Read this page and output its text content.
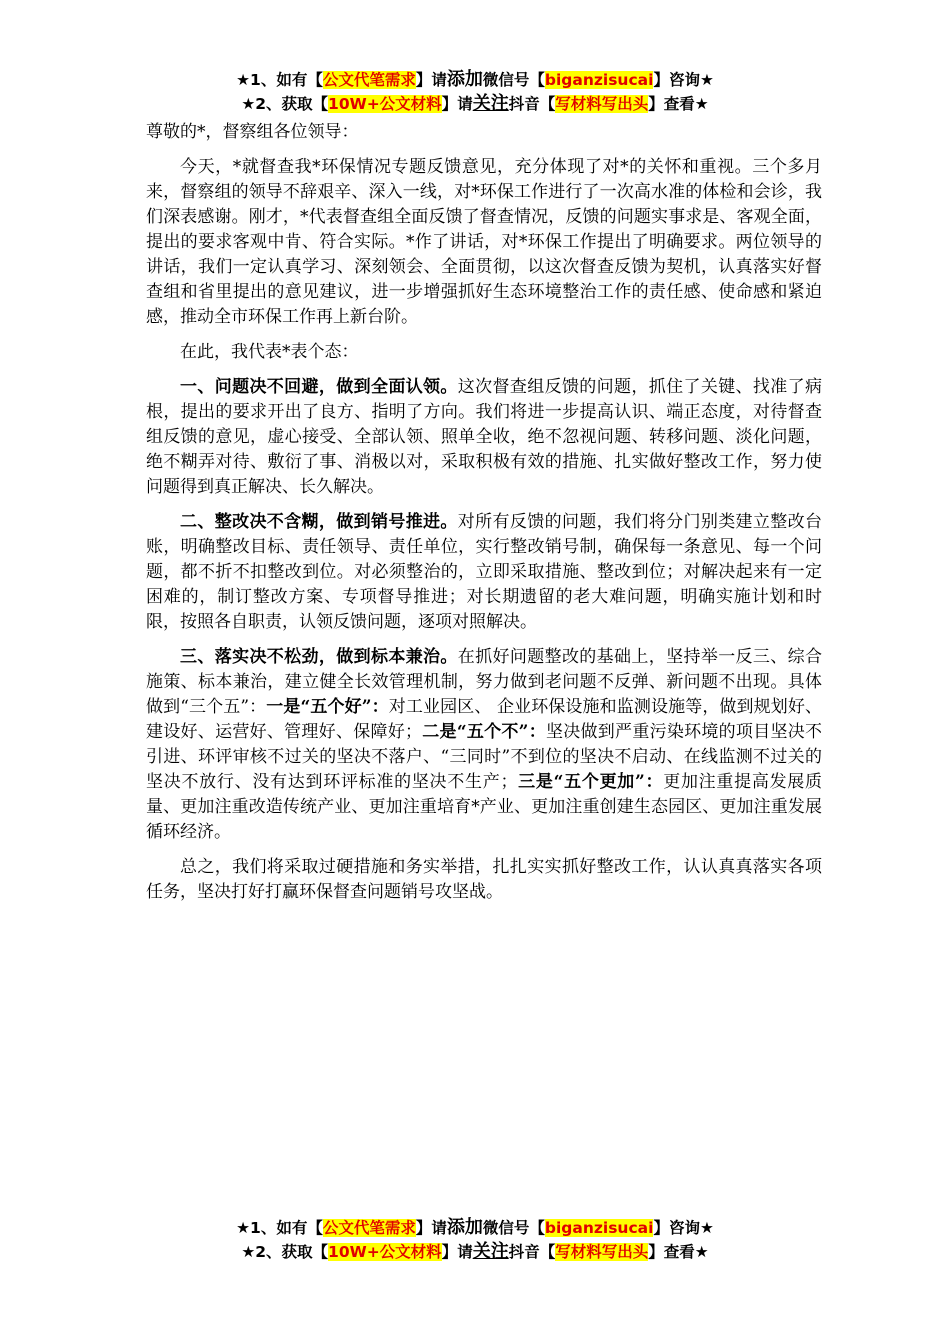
★1、如有【公文代笔需求】请添加微信号【biganzisucai】咨询★
★2、获取【10W+公文材料】请关注抖音【写材料写出头】查看★

尊敬的*，督察组各位领导：

今天，*就督查我*环保情况专题反馈意见，充分体现了对*的关怀和重视。三个多月来，督察组的领导不辞艰辛、深入一线，对*环保工作进行了一次高水准的体检和会诊，我们深表感谢。刚才，*代表督查组全面反馈了督查情况，反馈的问题实事求是、客观全面，提出的要求客观中肯、符合实际。*作了讲话，对*环保工作提出了明确要求。两位领导的讲话，我们一定认真学习、深刻领会、全面贯彻，以这次督查反馈为契机，认真落实好督查组和省里提出的意见建议，进一步增强抓好生态环境整治工作的责任感、使命感和紧迫感，推动全市环保工作再上新台阶。

在此，我代表*表个态：

一、问题决不回避，做到全面认领。这次督查组反馈的问题，抓住了关键、找准了病根，提出的要求开出了良方、指明了方向。我们将进一步提高认识、端正态度，对待督查组反馈的意见，虚心接受、全部认领、照单全收，绝不忽视问题、转移问题、淡化问题，绝不糊弄对待、敷衍了事、消极以对，采取积极有效的措施、扎实做好整改工作，努力使问题得到真正解决、长久解决。

二、整改决不含糊，做到销号推进。对所有反馈的问题，我们将分门别类建立整改台账，明确整改目标、责任领导、责任单位，实行整改销号制，确保每一条意见、每一个问题，都不折不扣整改到位。对必须整治的，立即采取措施、整改到位；对解决起来有一定困难的，制订整改方案、专项督导推进；对长期遗留的老大难问题，明确实施计划和时限，按照各自职责，认领反馈问题，逐项对照解决。

三、落实决不松劲，做到标本兼治。在抓好问题整改的基础上，坚持举一反三、综合施策、标本兼治，建立健全长效管理机制，努力做到老问题不反弹、新问题不出现。具体做到“三个五”：一是“五个好”：对工业园区、 企业环保设施和监测设施等，做到规划好、建设好、运营好、管理好、保障好；二是“五个不”：坚决做到严重污染环境的项目坚决不引进、环评审核不过关的坚决不落户、“三同时”不到位的坚决不启动、在线监测不过关的坚决不放行、没有达到环评标准的坚决不生产；三是“五个更加”：更加注重提高发展质量、更加注重改造传统产业、更加注重培育*产业、更加注重创建生态园区、更加注重发展循环经济。

总之，我们将采取过硬措施和务实举措，扎扎实实抓好整改工作，认认真真落实各项任务，坚决打好打赢环保督查问题销号攻坚战。

★1、如有【公文代笔需求】请添加微信号【biganzisucai】咨询★
★2、获取【10W+公文材料】请关注抖音【写材料写出头】查看★
